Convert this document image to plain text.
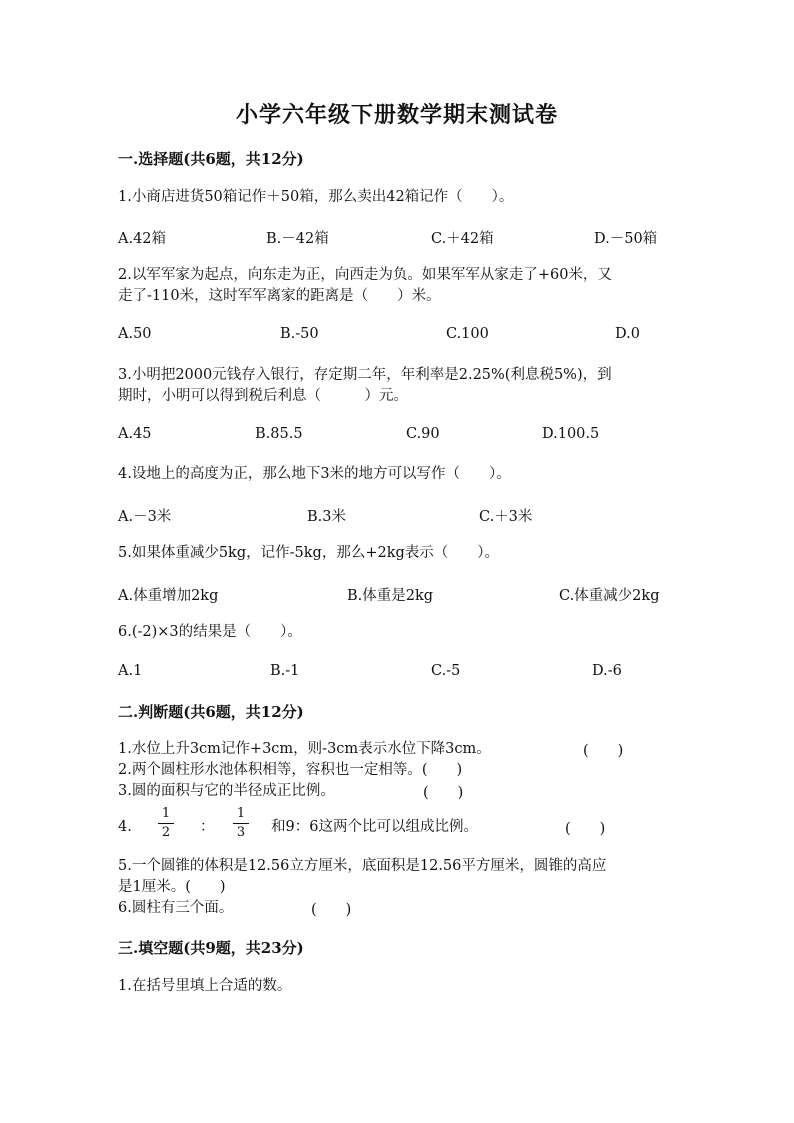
小学六年级下册数学期末测试卷
一.选择题(共6题，共12分)
1.小商店进货50箱记作＋50箱，那么卖出42箱记作（　　）。
A.42箱	B.－42箱	C.＋42箱	D.－50箱
2.以军军家为起点，向东走为正，向西走为负。如果军军从家走了+60米，又
走了-110米，这时军军离家的距离是（　　）米。
A.50	B.-50	C.100	D.0
3.小明把2000元钱存入银行，存定期二年，年利率是2.25%(利息税5%)，到
期时，小明可以得到税后利息（　　　）元。
A.45	B.85.5	C.90	D.100.5
4.设地上的高度为正，那么地下3米的地方可以写作（　　）。
A.－3米	B.3米	C.＋3米
5.如果体重减少5kg，记作-5kg，那么+2kg表示（　　）。
A.体重增加2kg	B.体重是2kg	C.体重减少2kg
6.(-2)×3的结果是（　　）。
A.1	B.-1	C.-5	D.-6
二.判断题(共6题，共12分)
1.水位上升3cm记作+3cm，则-3cm表示水位下降3cm。	(　　)
2.两个圆柱形水池体积相等，容积也一定相等。(　　)
3.圆的面积与它的半径成正比例。	(　　)
4.
1
2 ：
1
3 和9：6这两个比可以组成比例。	(　　)
5.一个圆锥的体积是12.56立方厘米，底面积是12.56平方厘米，圆锥的高应
是1厘米。(　　)
6.圆柱有三个面。	(　　)
三.填空题(共9题，共23分)
1.在括号里填上合适的数。
